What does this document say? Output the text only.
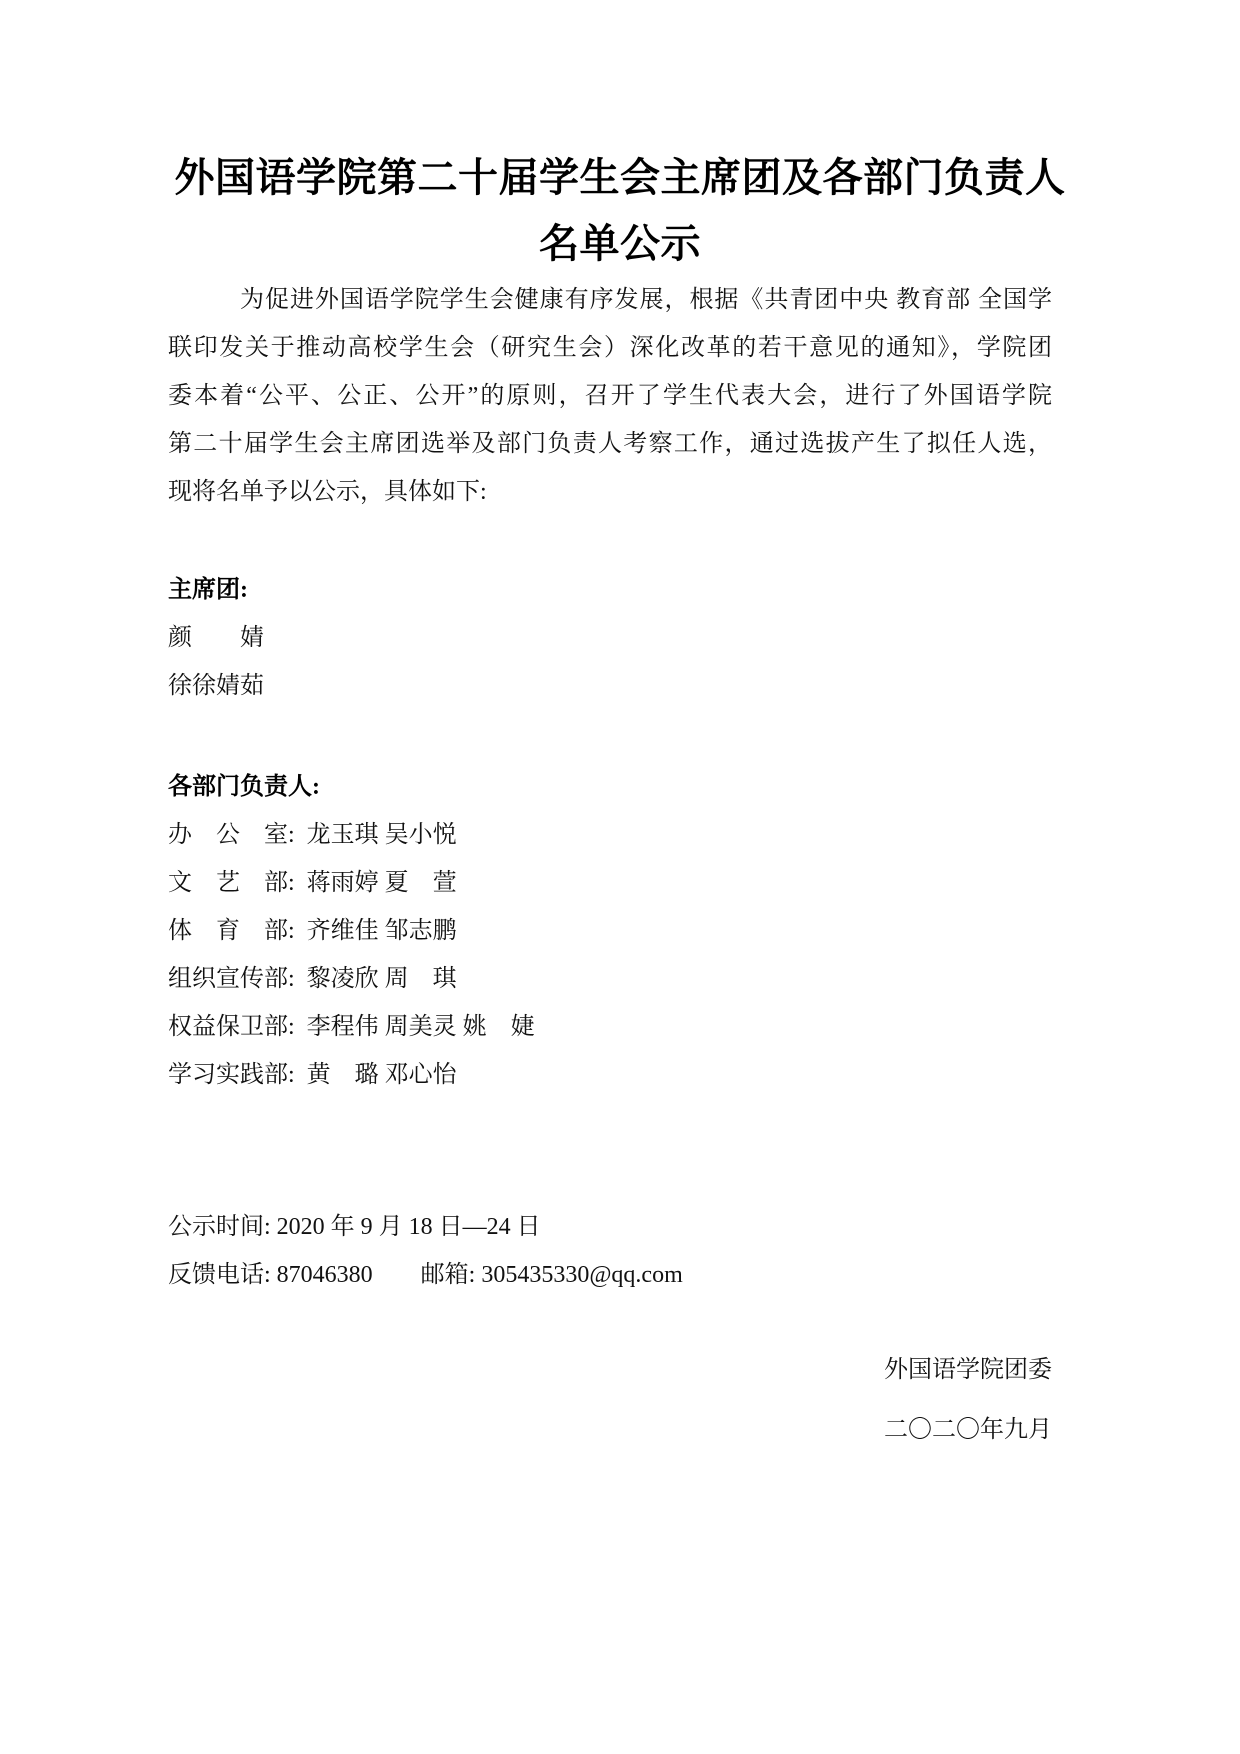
外国语学院第二十届学生会主席团及各部门负责人
名单公示
为促进外国语学院学生会健康有序发展，根据《共青团中央 教育部 全国学
联印发关于推动高校学生会（研究生会）深化改革的若干意见的通知》，学院团
委本着“公平、公正、公开”的原则，召开了学生代表大会，进行了外国语学院
第二十届学生会主席团选举及部门负责人考察工作，通过选拔产生了拟任人选，
现将名单予以公示，具体如下:
主席团:
颜　　婧
徐徐婧茹
各部门负责人:
办　公　室: 龙玉琪 吴小悦
文　艺　部: 蒋雨婷 夏　萱
体　育　部: 齐维佳 邹志鹏
组织宣传部: 黎凌欣 周　琪
权益保卫部: 李程伟 周美灵 姚　婕
学习实践部: 黄　璐 邓心怡
公示时间: 2020 年 9 月 18 日—24 日
反馈电话: 87046380　　邮箱: 305435330@qq.com
外国语学院团委
二〇二〇年九月
